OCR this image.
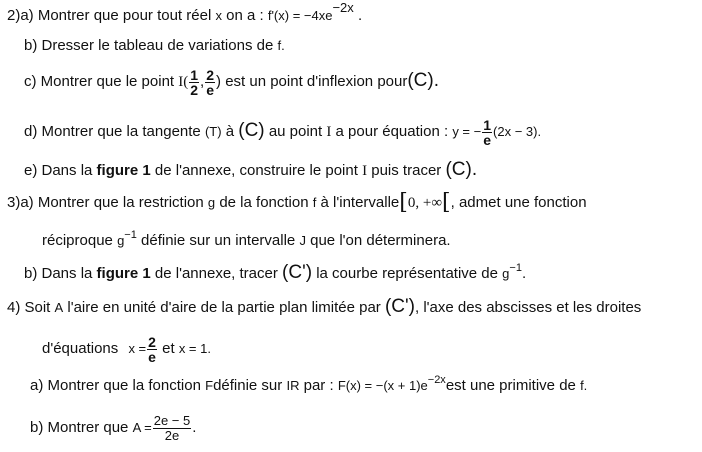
2)a) Montrer que pour tout réel x on a : f'(x) = −4xe−2x .
b) Dresser le tableau de variations de f.
c) Montrer que le point $I( \frac{1}{2}$ , $\frac{2}{e}$ ) est un point d'inflexion pour(C).
d) Montrer que la tangente (T) à (C) au point I a pour équation : y = − $\frac{1}{e} (2x - 3)$.
e) Dans la figure 1 de l'annexe, construire le point I puis tracer (C).
3)a) Montrer que la restriction g de la fonction f à l'intervalle[0, +∞[, admet une fonction
réciproque $g^{-1}$ définie sur un intervalle J que l'on déterminera.
b) Dans la figure 1 de l'annexe, tracer (C') la courbe représentative de $g^{-1}$.
4) Soit A l'aire en unité d'aire de la partie plan limitée par (C'), l'axe des abscisses et les droites
d'équations $x = \frac{2}{e}$ et x = 1.
a) Montrer que la fonction Fdéfinie sur IR par : $F(x) = -(x + 1)e^{-2x}est$ une primitive de f.
b) Montrer que $A = \frac{2e - 5}{2e}$ .
